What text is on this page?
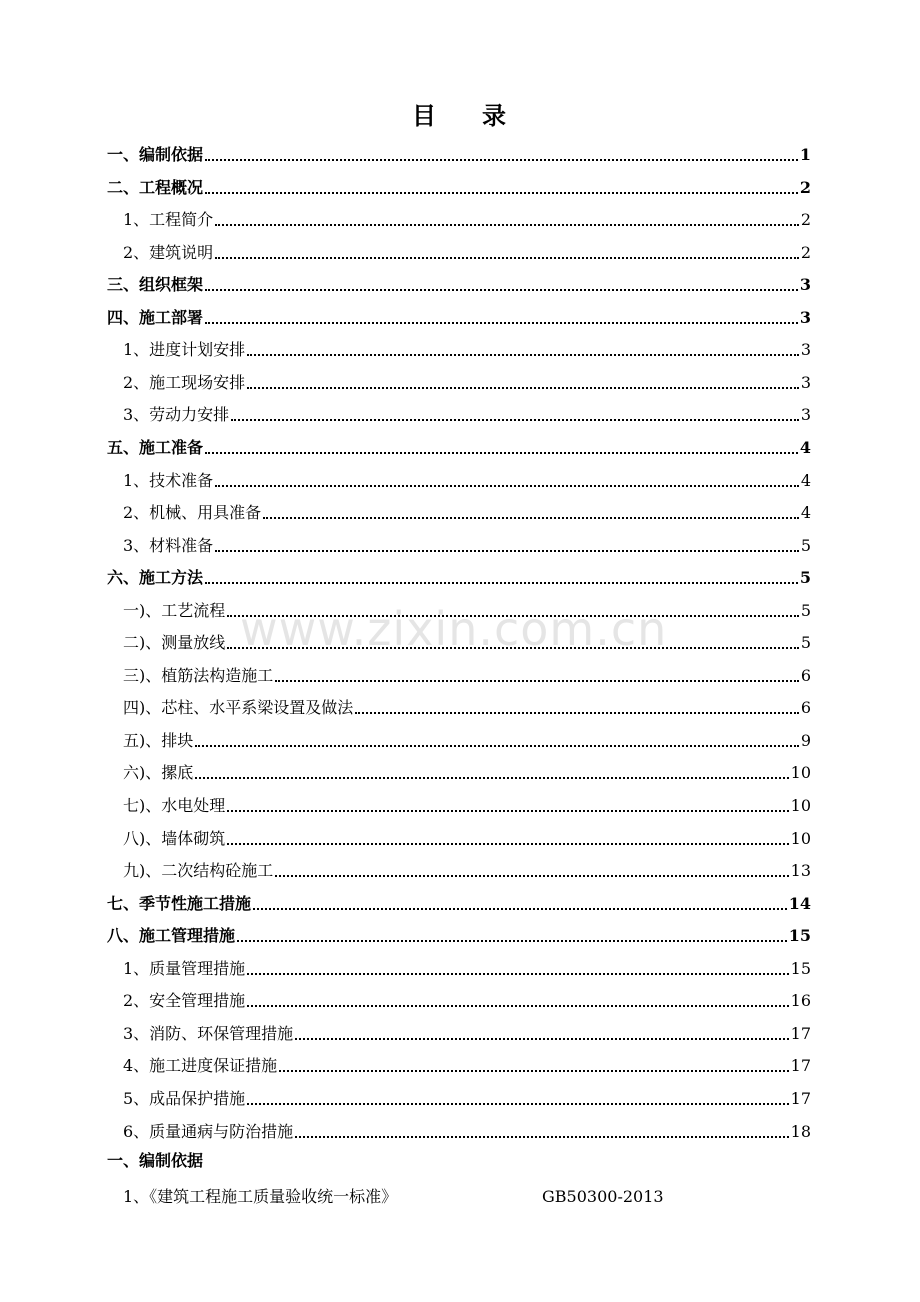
目 录
一、编制依据	1
二、工程概况	2
1、工程简介	2
2、建筑说明	2
三、组织框架	3
四、施工部署	3
1、进度计划安排	3
2、施工现场安排	3
3、劳动力安排	3
五、施工准备	4
1、技术准备	4
2、机械、用具准备	4
3、材料准备	5
六、施工方法	5
一)、工艺流程	5
二)、测量放线	5
三)、植筋法构造施工	6
四)、芯柱、水平系梁设置及做法	6
五)、排块	9
六)、摞底	10
七)、水电处理	10
八)、墙体砌筑	10
九)、二次结构砼施工	13
七、季节性施工措施	14
八、施工管理措施	15
1、质量管理措施	15
2、安全管理措施	16
3、消防、环保管理措施	17
4、施工进度保证措施	17
5、成品保护措施	17
6、质量通病与防治措施	18
www.zixin.com.cn
一、编制依据
1、《建筑工程施工质量验收统一标准》	GB50300-2013
